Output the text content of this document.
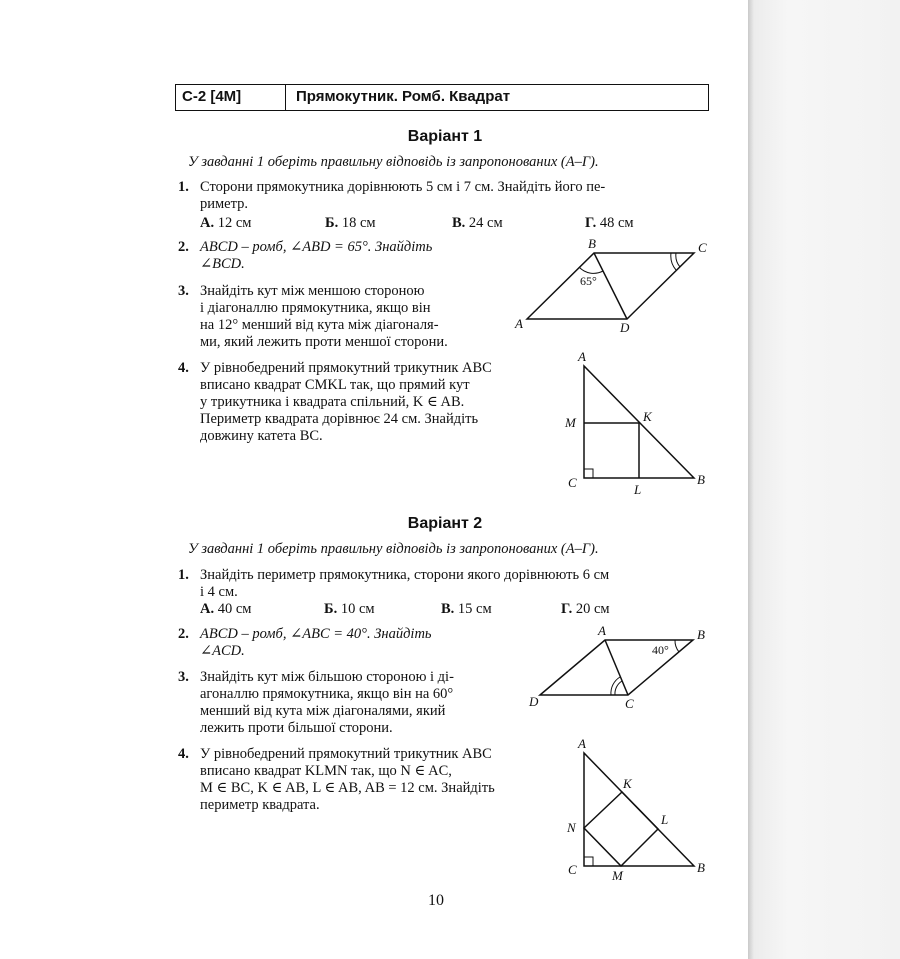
С-2 [4М]	Прямокутник. Ромб. Квадрат
Варіант 1
У завданні 1 оберіть правильну відповідь із запропонованих (А–Г).
1. Сторони прямокутника дорівнюють 5 см і 7 см. Знайдіть його пе-
риметр.
А. 12 см	Б. 18 см	В. 24 см	Г. 48 см
2. ABCD – ромб, ∠ABD = 65°. Знайдіть
∠BCD.
3. Знайдіть кут між меншою стороною
і діагоналлю прямокутника, якщо він
на 12° менший від кута між діагоналя-
ми, який лежить проти меншої сторони.
4. У рівнобедрений прямокутний трикутник ABC
вписано квадрат CMKL так, що прямий кут
у трикутника і квадрата спільний, K ∈ AB.
Периметр квадрата дорівнює 24 см. Знайдіть
довжину катета BC.
B	C
A	D
65°
A
M	K
C	L
B
Варіант 2
У завданні 1 оберіть правильну відповідь із запропонованих (А–Г).
1. Знайдіть периметр прямокутника, сторони якого дорівнюють 6 см
і 4 см.
А. 40 см	Б. 10 см	В. 15 см	Г. 20 см
2. ABCD – ромб, ∠ABC = 40°. Знайдіть
∠ACD.
3. Знайдіть кут між більшою стороною і ді-
агоналлю прямокутника, якщо він на 60°
менший від кута між діагоналями, який
лежить проти більшої сторони.
4. У рівнобедрений прямокутний трикутник ABC
вписано квадрат KLMN так, що N ∈ AC,
M ∈ BC, K ∈ AB, L ∈ AB, AB = 12 см. Знайдіть
периметр квадрата.
A	B
D	C
40°
A
K
L
N
C	M
B
10
